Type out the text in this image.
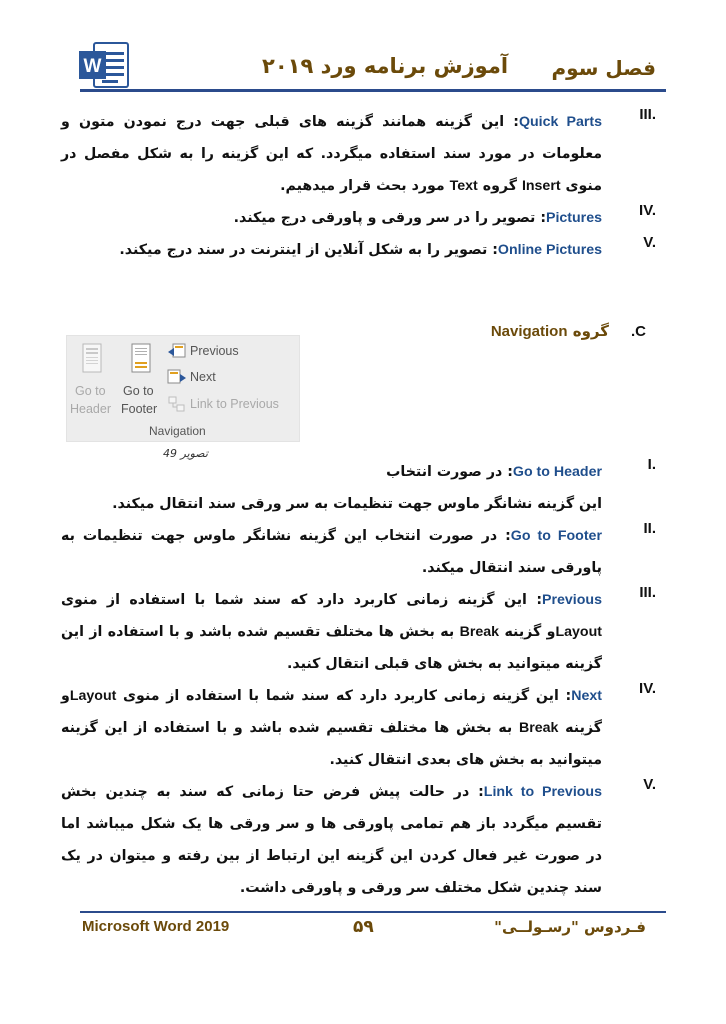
W	آموزش برنامه ورد ۲۰۱۹ فصل سوم
III.
Quick Parts: این گزینه همانند گزینه های قبلی جهت درج نمودن متون و معلومات در مورد سند استفاده میگردد. که این گزینه را به شکل مفصل در منوی Insert گروه Text مورد بحث قرار میدهیم.
IV.
Pictures: تصویر را در سر ورقی و پاورقی درج میکند.
V.
Online Pictures: تصویر را به شکل آنلاین از اینترنت در سند درج میکند.
C.گروه Navigation
Go to
Header
Go to
Footer
Previous
Next
Link to Previous
Navigation
تصویر 49
I.
Go to Header: در صورت انتخاب
این گزینه نشانگر ماوس جهت تنظیمات به سر ورقی سند انتقال میکند.
II.
Go to Footer: در صورت انتخاب این گزینه نشانگر ماوس جهت تنظیمات به پاورقی سند انتقال میکند.
III.
Previous: این گزینه زمانی کاربرد دارد که سند شما با استفاده از منوی Layoutو گزینه Break به بخش ها مختلف تقسیم شده باشد و با استفاده از این گزینه میتوانید به بخش های قبلی انتقال کنید.
IV.
Next: این گزینه زمانی کاربرد دارد که سند شما با استفاده از منوی Layoutو گزینه Break به بخش ها مختلف تقسیم شده باشد و با استفاده از این گزینه میتوانید به بخش های بعدی انتقال کنید.
V.
Link to Previous: در حالت پیش فرض حتا زمانی که سند به چندین بخش تقسیم میگردد باز هم تمامی پاورقی ها و سر ورقی ها یک شکل میباشد اما در صورت غیر فعال کردن این گزینه این ارتباط از بین رفته و میتوان در یک سند چندین شکل مختلف سر ورقی و پاورقی داشت.
Microsoft Word 2019	۵۹	فـردوس "رسـولــی"
